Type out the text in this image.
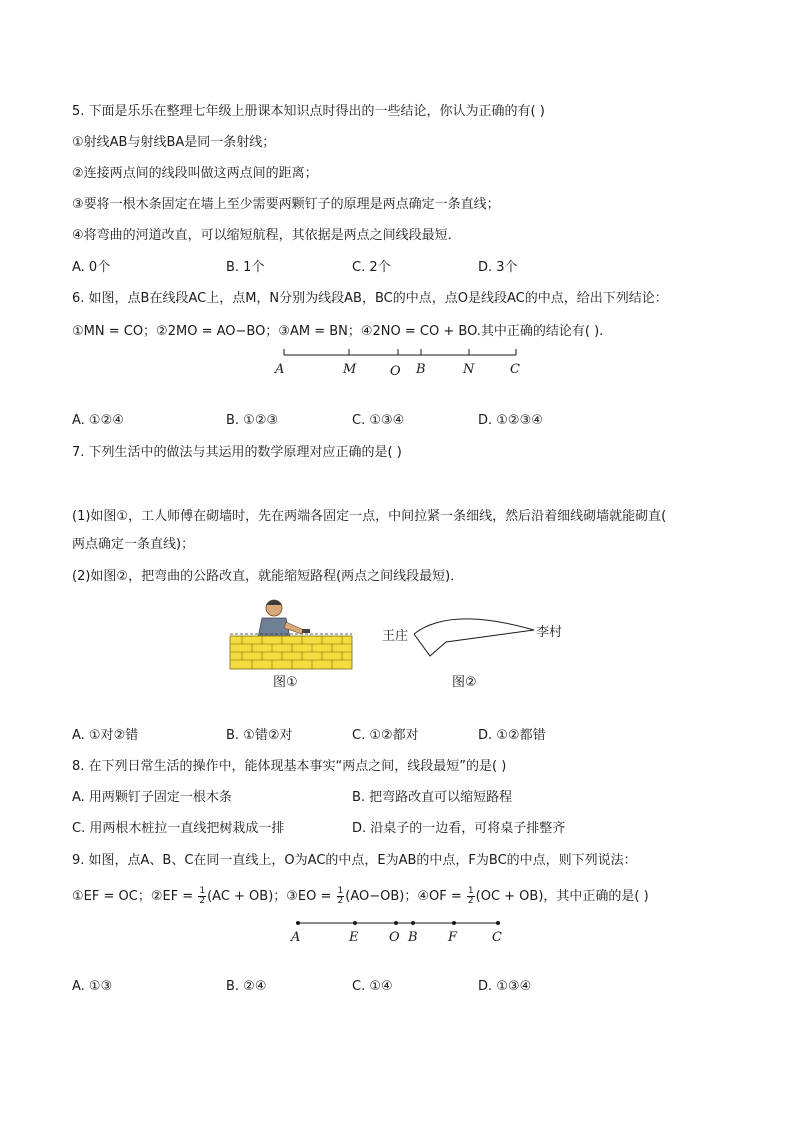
5. 下面是乐乐在整理七年级上册课本知识点时得出的一些结论，你认为正确的有( )
①射线AB与射线BA是同一条射线；
②连接两点间的线段叫做这两点间的距离；
③要将一根木条固定在墙上至少需要两颗钉子的原理是两点确定一条直线；
④将弯曲的河道改直，可以缩短航程，其依据是两点之间线段最短．
A. 0个	B. 1个	C. 2个	D. 3个
6. 如图，点B在线段AC上，点M，N分别为线段AB，BC的中点，点O是线段AC的中点，给出下列结论：
①MN = CO；②2MO = AO−BO；③AM = BN；④2NO = CO + BO.其中正确的结论有( ).
A	M	O B	N	C
A. ①②④	B. ①②③	C. ①③④	D. ①②③④
7. 下列生活中的做法与其运用的数学原理对应正确的是( )
(1)如图①，工人师傅在砌墙时，先在两端各固定一点，中间拉紧一条细线，然后沿着细线砌墙就能砌直(
两点确定一条直线)；
(2)如图②，把弯曲的公路改直，就能缩短路程(两点之间线段最短)．
图①
王庄	李村
图②
A. ①对②错	B. ①错②对	C. ①②都对	D. ①②都错
8. 在下列日常生活的操作中，能体现基本事实“两点之间，线段最短”的是( )
A. 用两颗钉子固定一根木条	B. 把弯路改直可以缩短路程
C. 用两根木桩拉一直线把树栽成一排	D. 沿桌子的一边看，可将桌子排整齐
9. 如图，点A、B、C在同一直线上，O为AC的中点，E为AB的中点，F为BC的中点，则下列说法：
①EF = OC；②EF = $\frac{1}{2} (AC + OB)$；③EO = $\frac{1}{2} (AO-OB)$；④OF = $\frac{1}{2} (OC + OB)$，其中正确的是( )
A	E O B F	C
A. ①③	B. ②④	C. ①④	D. ①③④
